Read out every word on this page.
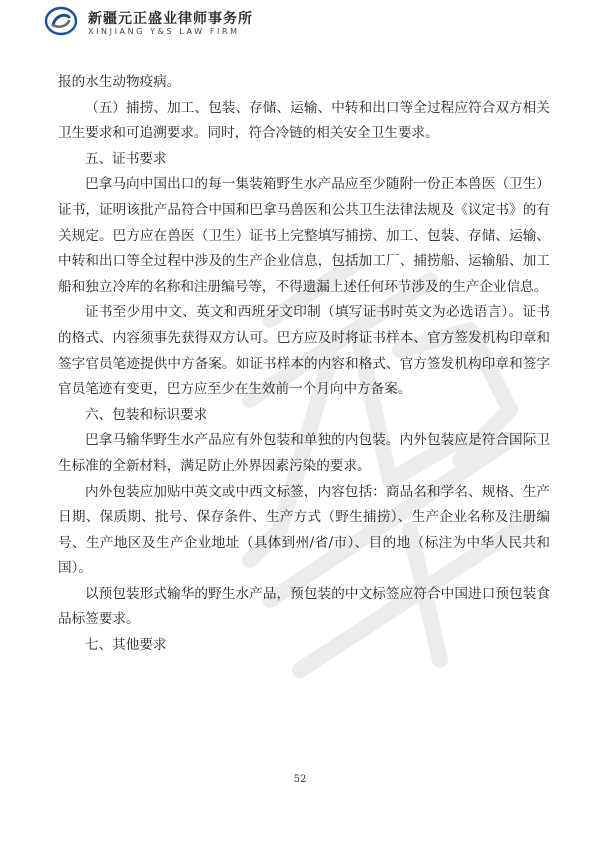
新疆元正盛业律师事务所
XINJIANG Y&S LAW FIRM

报的水生动物疫病。

（五）捕捞、加工、包装、存储、运输、中转和出口等全过程应符合双方相关卫生要求和可追溯要求。同时，符合冷链的相关安全卫生要求。

五、证书要求

巴拿马向中国出口的每一集装箱野生水产品应至少随附一份正本兽医（卫生）证书，证明该批产品符合中国和巴拿马兽医和公共卫生法律法规及《议定书》的有关规定。巴方应在兽医（卫生）证书上完整填写捕捞、加工、包装、存储、运输、中转和出口等全过程中涉及的生产企业信息，包括加工厂、捕捞船、运输船、加工船和独立冷库的名称和注册编号等，不得遗漏上述任何环节涉及的生产企业信息。

证书至少用中文、英文和西班牙文印制（填写证书时英文为必选语言）。证书的格式、内容须事先获得双方认可。巴方应及时将证书样本、官方签发机构印章和签字官员笔迹提供中方备案。如证书样本的内容和格式、官方签发机构印章和签字官员笔迹有变更，巴方应至少在生效前一个月向中方备案。

六、包装和标识要求

巴拿马输华野生水产品应有外包装和单独的内包装。内外包装应是符合国际卫生标准的全新材料，满足防止外界因素污染的要求。

内外包装应加贴中英文或中西文标签，内容包括：商品名和学名、规格、生产日期、保质期、批号、保存条件、生产方式（野生捕捞）、生产企业名称及注册编号、生产地区及生产企业地址（具体到州/省/市）、目的地（标注为中华人民共和国）。

以预包装形式输华的野生水产品，预包装的中文标签应符合中国进口预包装食品标签要求。

七、其他要求

52
